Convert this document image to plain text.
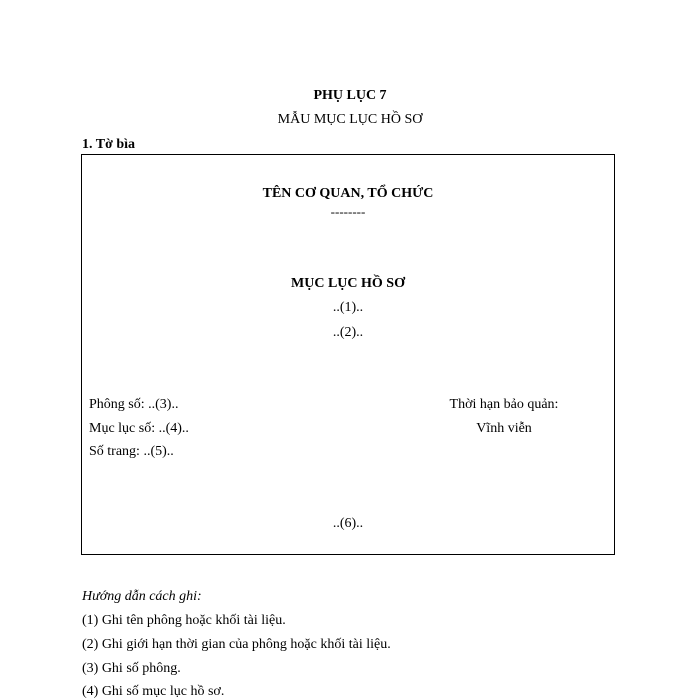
PHỤ LỤC 7
MẪU MỤC LỤC HỒ SƠ
1. Tờ bìa
TÊN CƠ QUAN, TỔ CHỨC
--------
MỤC LỤC HỒ SƠ
..(1)..
..(2)..
Phông số: ..(3)..
Mục lục số: ..(4)..
Số trang: ..(5)..
Thời hạn bảo quản:
Vĩnh viễn
..(6)..
Hướng dẫn cách ghi:
(1) Ghi tên phông hoặc khối tài liệu.
(2) Ghi giới hạn thời gian của phông hoặc khối tài liệu.
(3) Ghi số phông.
(4) Ghi số mục lục hồ sơ.
